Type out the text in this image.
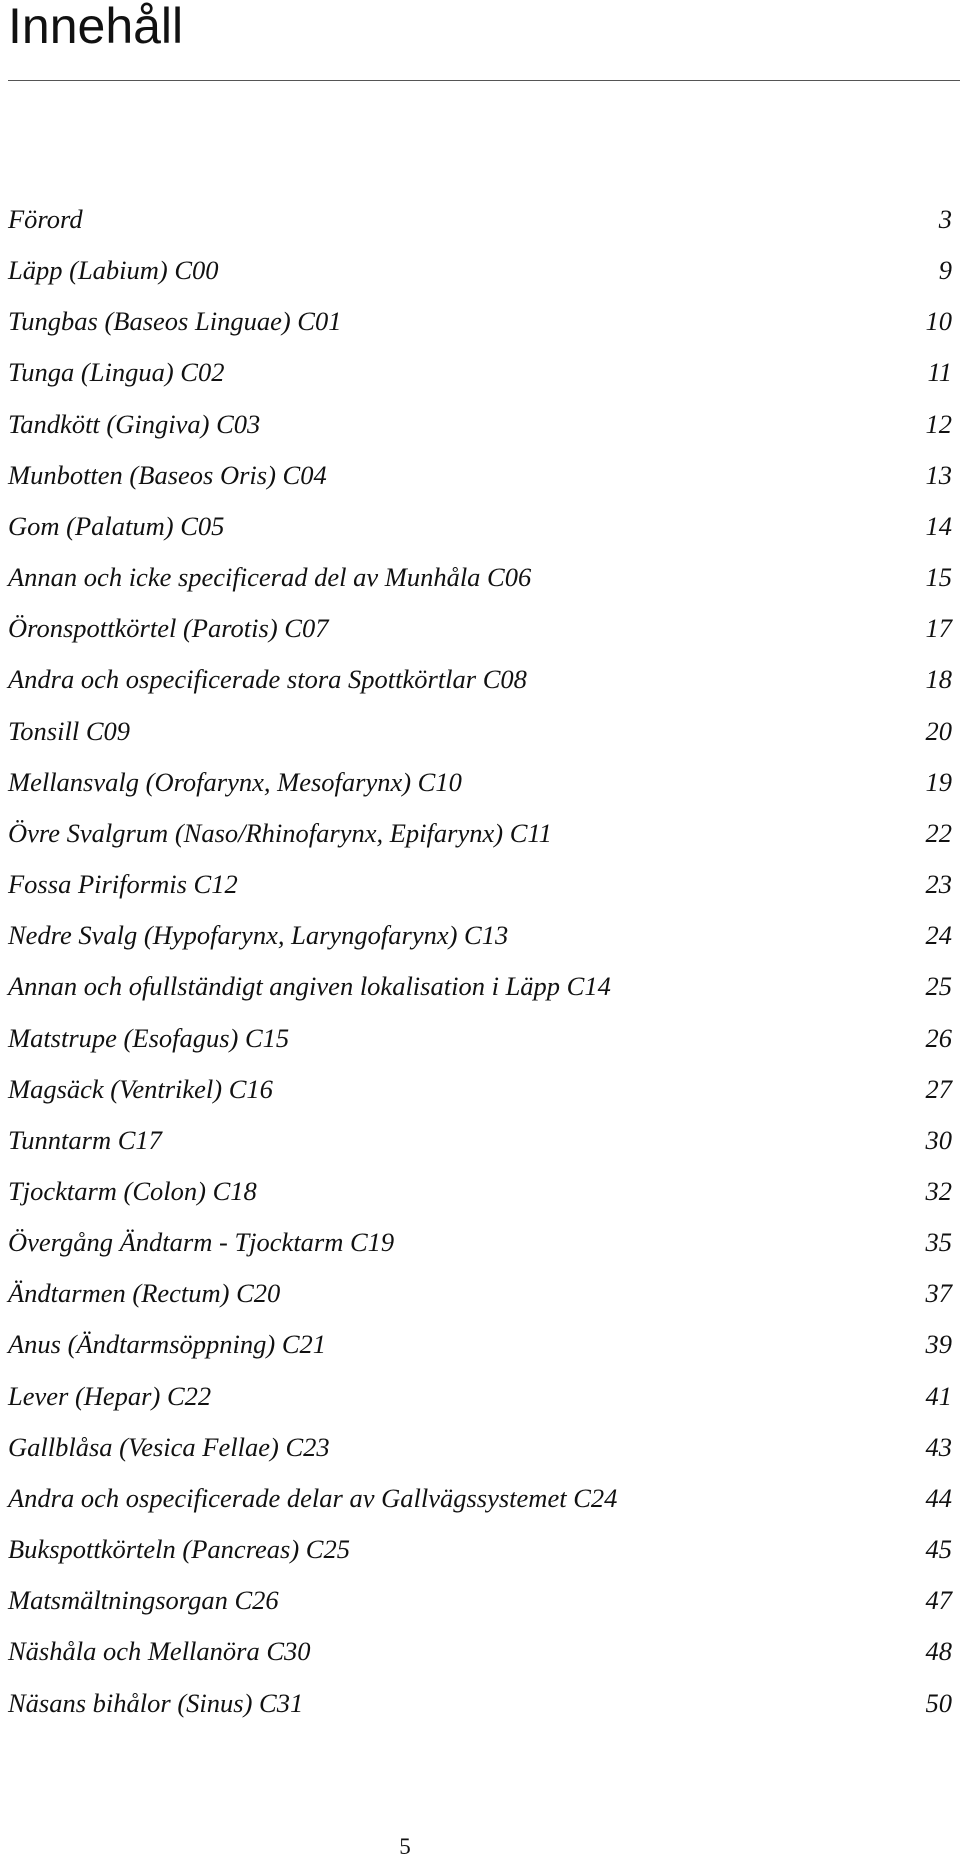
Innehåll
Förord	3
Läpp (Labium) C00	9
Tungbas (Baseos Linguae) C01	10
Tunga (Lingua) C02	11
Tandkött (Gingiva) C03	12
Munbotten (Baseos Oris) C04	13
Gom (Palatum) C05	14
Annan och icke specificerad del av Munhåla C06	15
Öronspottkörtel (Parotis) C07	17
Andra och ospecificerade stora Spottkörtlar C08	18
Tonsill C09	20
Mellansvalg (Orofarynx, Mesofarynx) C10	19
Övre Svalgrum (Naso/Rhinofarynx, Epifarynx) C11	22
Fossa Piriformis C12	23
Nedre Svalg (Hypofarynx, Laryngofarynx) C13	24
Annan och ofullständigt angiven lokalisation i Läpp C14	25
Matstrupe (Esofagus) C15	26
Magsäck (Ventrikel) C16	27
Tunntarm C17	30
Tjocktarm (Colon) C18	32
Övergång Ändtarm - Tjocktarm C19	35
Ändtarmen (Rectum) C20	37
Anus (Ändtarmsöppning) C21	39
Lever (Hepar) C22	41
Gallblåsa (Vesica Fellae) C23	43
Andra och ospecificerade delar av Gallvägssystemet C24	44
Bukspottkörteln (Pancreas) C25	45
Matsmältningsorgan C26	47
Näshåla och Mellanöra C30	48
Näsans bihålor (Sinus) C31	50
5
